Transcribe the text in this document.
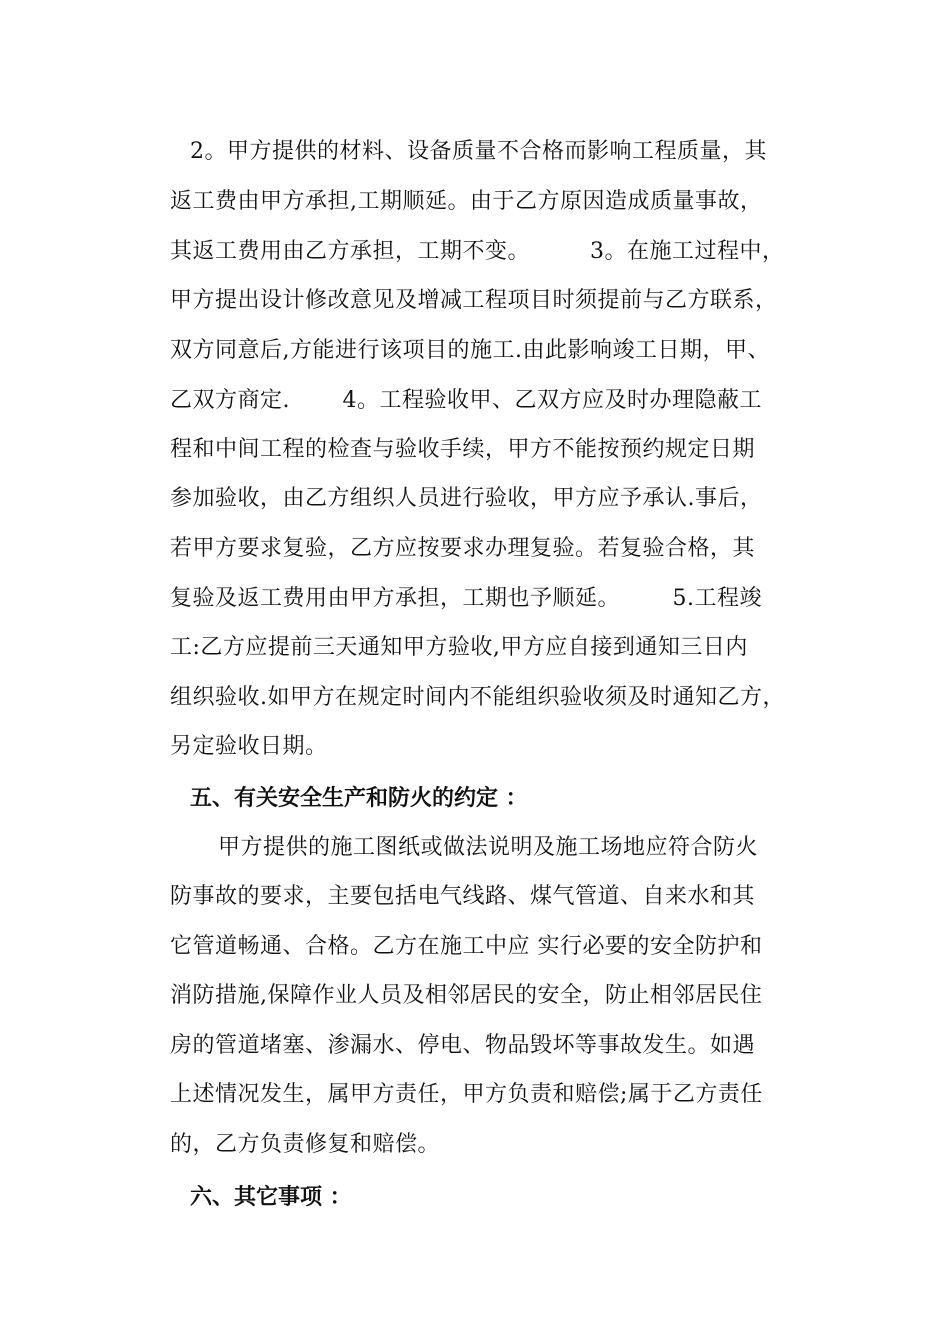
2。甲方提供的材料、设备质量不合格而影响工程质量，其
返工费由甲方承担,工期顺延。由于乙方原因造成质量事故，
其返工费用由乙方承担，工期不变。        3。在施工过程中，
甲方提出设计修改意见及增减工程项目时须提前与乙方联系，
双方同意后,方能进行该项目的施工.由此影响竣工日期，甲、
乙双方商定.       4。工程验收甲、乙双方应及时办理隐蔽工
程和中间工程的检查与验收手续，甲方不能按预约规定日期
参加验收，由乙方组织人员进行验收，甲方应予承认.事后，
若甲方要求复验，乙方应按要求办理复验。若复验合格，其
复验及返工费用由甲方承担，工期也予顺延。       5.工程竣
工:乙方应提前三天通知甲方验收,甲方应自接到通知三日内
组织验收.如甲方在规定时间内不能组织验收须及时通知乙方，
另定验收日期。
五、有关安全生产和防火的约定 ：
甲方提供的施工图纸或做法说明及施工场地应符合防火
防事故的要求，主要包括电气线路、煤气管道、自来水和其
它管道畅通、合格。乙方在施工中应 实行必要的安全防护和
消防措施,保障作业人员及相邻居民的安全，防止相邻居民住
房的管道堵塞、渗漏水、停电、物品毁坏等事故发生。如遇
上述情况发生，属甲方责任，甲方负责和赔偿;属于乙方责任
的，乙方负责修复和赔偿。
六、其它事项 ：
